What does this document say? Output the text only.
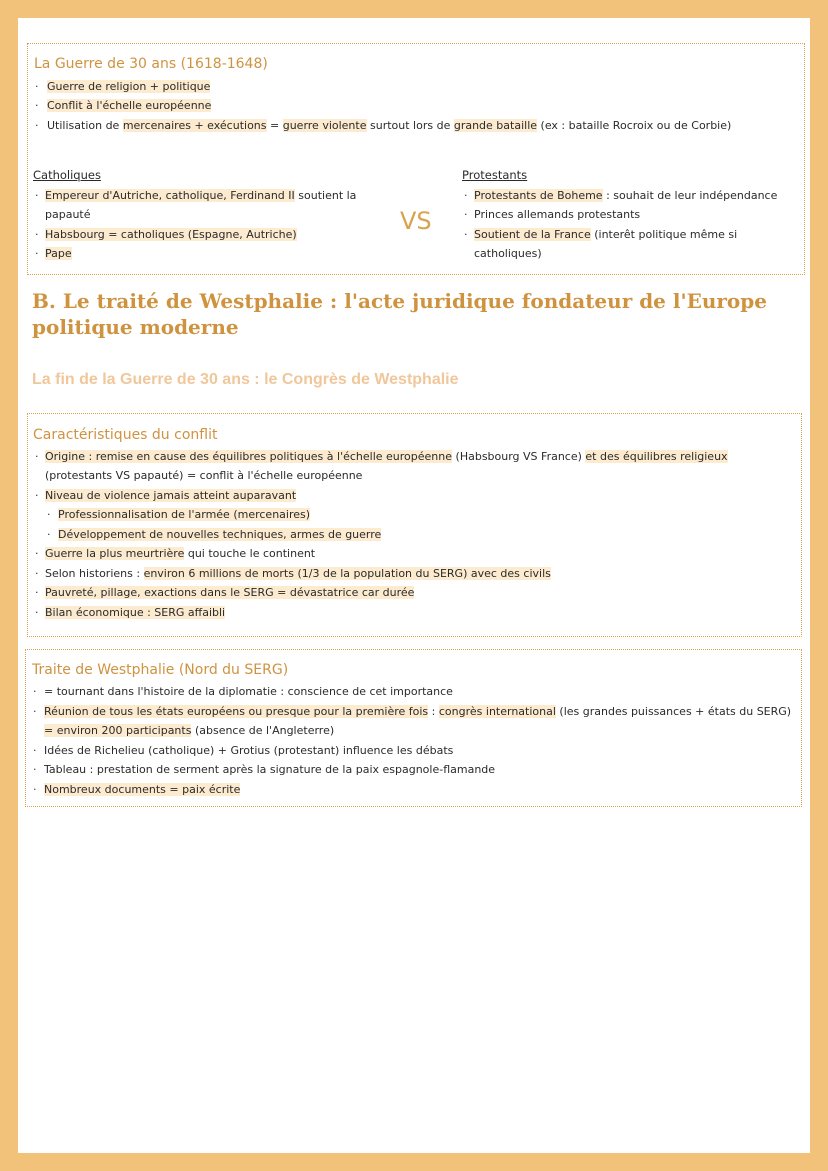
La Guerre de 30 ans (1618-1648)
· Guerre de religion + politique
· Conflit à l'échelle européenne
· Utilisation de mercenaires + exécutions = guerre violente surtout lors de grande bataille (ex : bataille Rocroix ou de Corbie)
Catholiques
· Empereur d'Autriche, catholique, Ferdinand II soutient la
papauté
· Habsbourg = catholiques (Espagne, Autriche)
· Pape
VS
Protestants
· Protestants de Boheme : souhait de leur indépendance
· Princes allemands protestants
· Soutient de la France (interêt politique même si
catholiques)
B. Le traité de Westphalie : l'acte juridique fondateur de l'Europe politique moderne
La fin de la Guerre de 30 ans : le Congrès de Westphalie
Caractéristiques du conflit
· Origine : remise en cause des équilibres politiques à l'échelle européenne (Habsbourg VS France) et des équilibres religieux
(protestants VS papauté) = conflit à l'échelle européenne
· Niveau de violence jamais atteint auparavant
· Professionnalisation de l'armée (mercenaires)
· Développement de nouvelles techniques, armes de guerre
· Guerre la plus meurtrière qui touche le continent
· Selon historiens : environ 6 millions de morts (1/3 de la population du SERG) avec des civils
· Pauvreté, pillage, exactions dans le SERG = dévastatrice car durée
· Bilan économique : SERG affaibli
Traite de Westphalie (Nord du SERG)
· = tournant dans l'histoire de la diplomatie : conscience de cet importance
· Réunion de tous les états européens ou presque pour la première fois : congrès international (les grandes puissances + états du SERG)
= environ 200 participants (absence de l'Angleterre)
· Idées de Richelieu (catholique) + Grotius (protestant) influence les débats
· Tableau : prestation de serment après la signature de la paix espagnole-flamande
· Nombreux documents = paix écrite
